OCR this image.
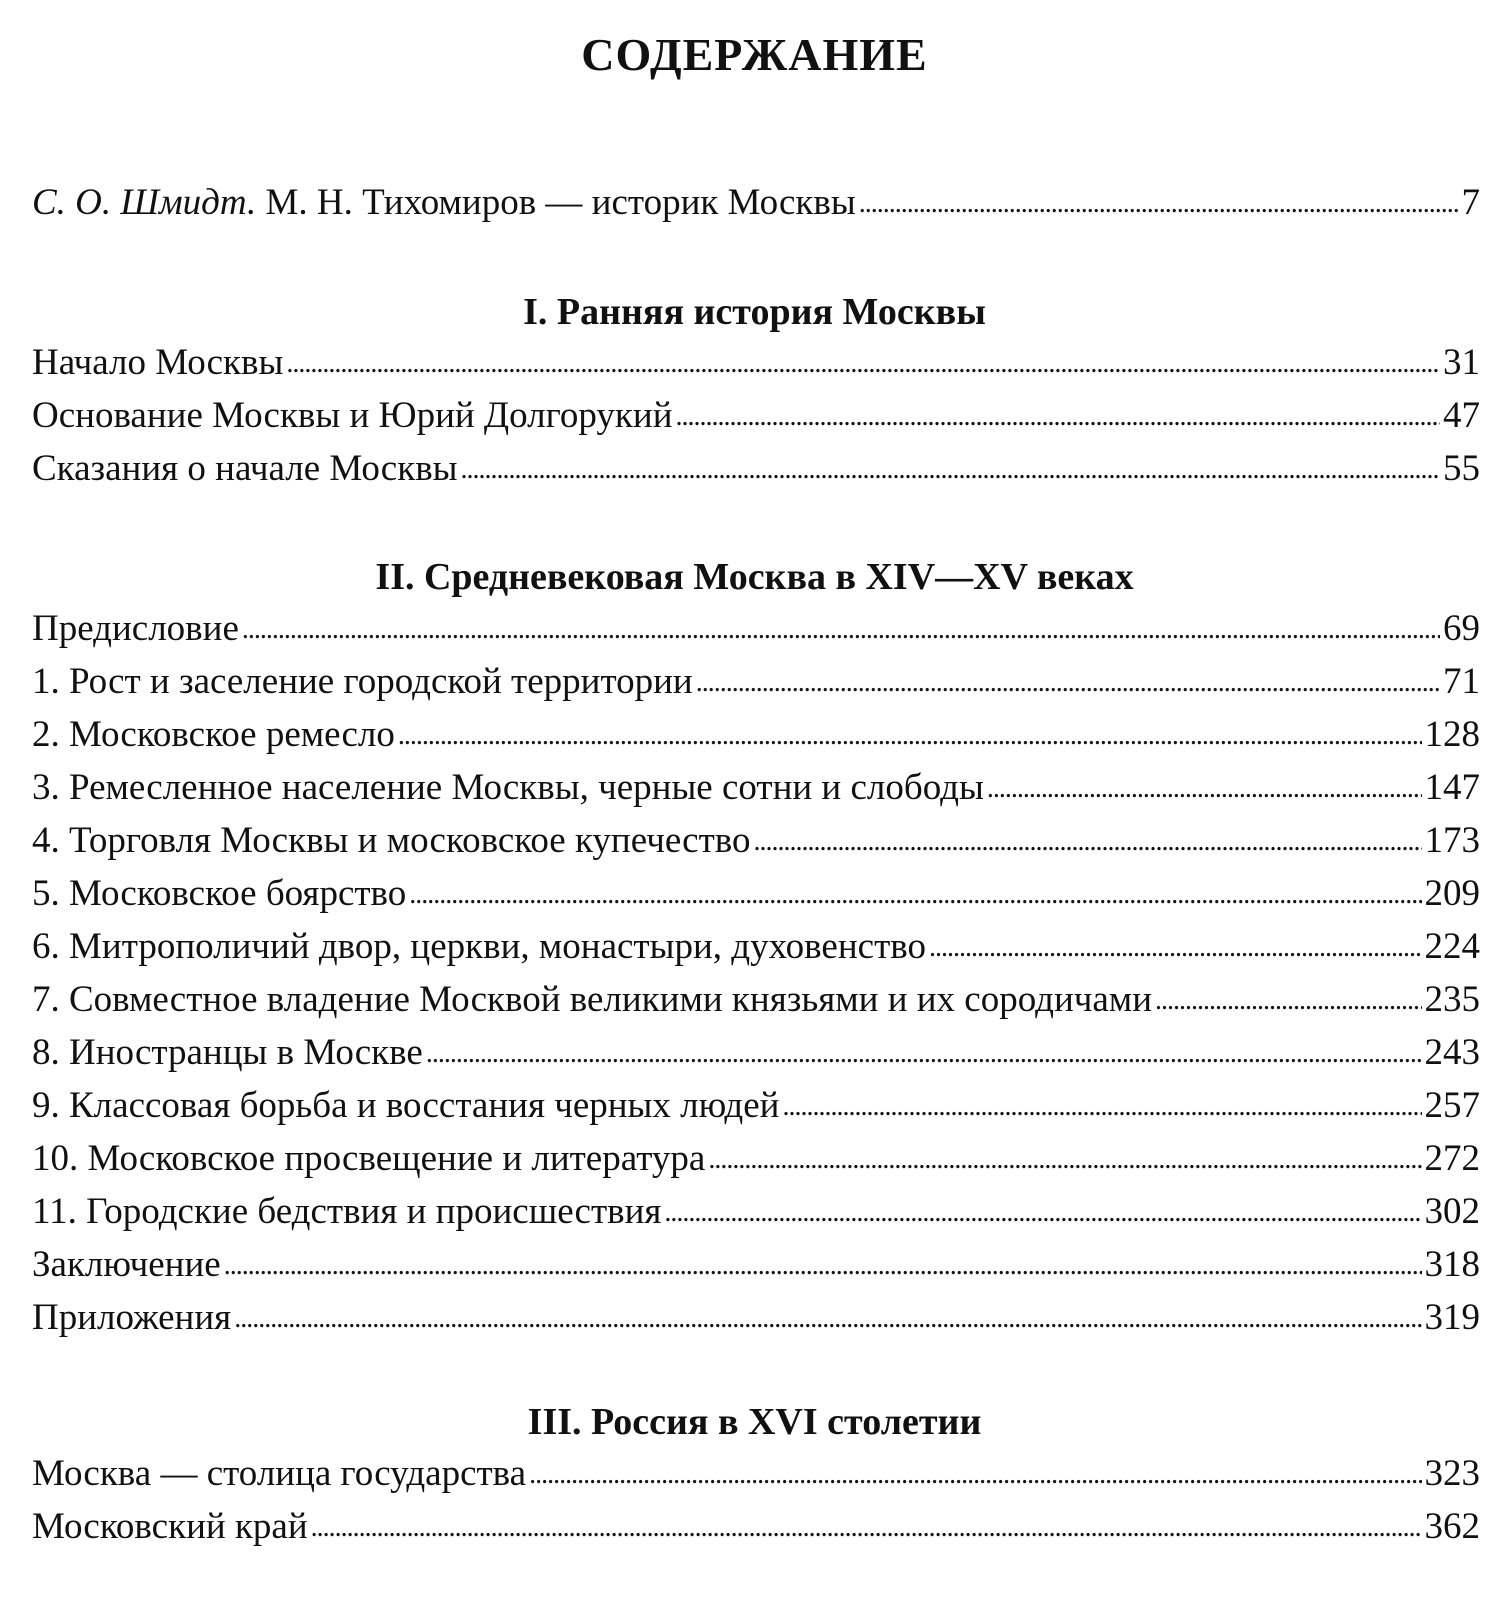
СОДЕРЖАНИЕ
С. О. Шмидт. М. Н. Тихомиров — историк Москвы . . .	7
I. Ранняя история Москвы
Начало Москвы . . .	31
Основание Москвы и Юрий Долгорукий . . .	47
Сказания о начале Москвы . . .	55
II. Средневековая Москва в XIV—XV веках
Предисловие . . .	69
1. Рост и заселение городской территории . . .	71
2. Московское ремесло . . .	128
3. Ремесленное население Москвы, черные сотни и слободы . . .	147
4. Торговля Москвы и московское купечество . . .	173
5. Московское боярство . . .	209
6. Митрополичий двор, церкви, монастыри, духовенство . . .	224
7. Совместное владение Москвой великими князьями и их сородичами . . .	235
8. Иностранцы в Москве . . .	243
9. Классовая борьба и восстания черных людей . . .	257
10. Московское просвещение и литература . . .	272
11. Городские бедствия и происшествия . . .	302
Заключение . . .	318
Приложения . . .	319
III. Россия в XVI столетии
Москва — столица государства . . .	323
Московский край . . .	362
